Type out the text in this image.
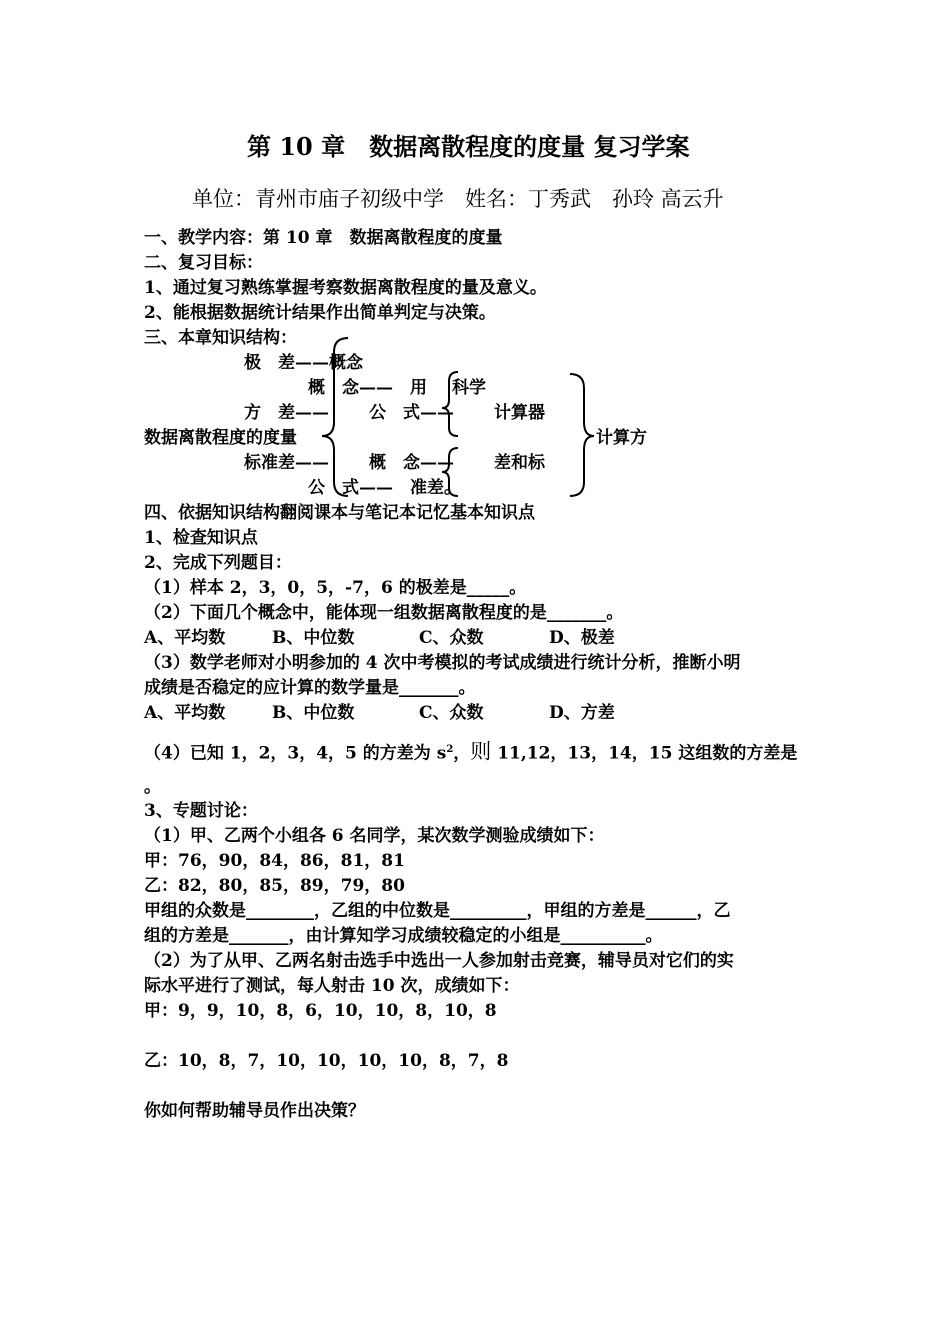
第 10 章　数据离散程度的度量 复习学案
单位：青州市庙子初级中学　姓名：丁秀武　孙玲 高云升
一、教学内容：第 10 章　数据离散程度的度量
二、复习目标：
1、通过复习熟练掌握考察数据离散程度的量及意义。
2、能根据数据统计结果作出简单判定与决策。
三、本章知识结构：
极　差——概念
概　念——　用 科学
方　差—— 公　式—— 计算器
数据离散程度的度量	计算方
标准差—— 概　念—— 差和标
公　式——　准差。
四、依据知识结构翻阅课本与笔记本记忆基本知识点
1、检查知识点
2、完成下列题目：
（1）样本 2，3，0，5，-7，6 的极差是_____。
（2）下面几个概念中，能体现一组数据离散程度的是_______。
A、平均数	B、中位数	C、众数	D、极差
（3）数学老师对小明参加的 4 次中考模拟的考试成绩进行统计分析，推断小明
成绩是否稳定的应计算的数学量是_______。
A、平均数	B、中位数	C、众数	D、方差
（4）已知 1，2，3，4，5 的方差为 $s^2$，则 11,12，13，14，15 这组数的方差是
。
3、专题讨论：
（1）甲、乙两个小组各 6 名同学，某次数学测验成绩如下：
甲：76，90，84，86，81，81
乙：82，80，85，89，79，80
甲组的众数是________，乙组的中位数是_________，甲组的方差是______，乙
组的方差是_______，由计算知学习成绩较稳定的小组是__________。
（2）为了从甲、乙两名射击选手中选出一人参加射击竞赛，辅导员对它们的实
际水平进行了测试，每人射击 10 次，成绩如下：
甲：9，9，10，8，6，10，10，8，10，8
乙：10，8，7，10，10，10，10，8，7，8
你如何帮助辅导员作出决策？
